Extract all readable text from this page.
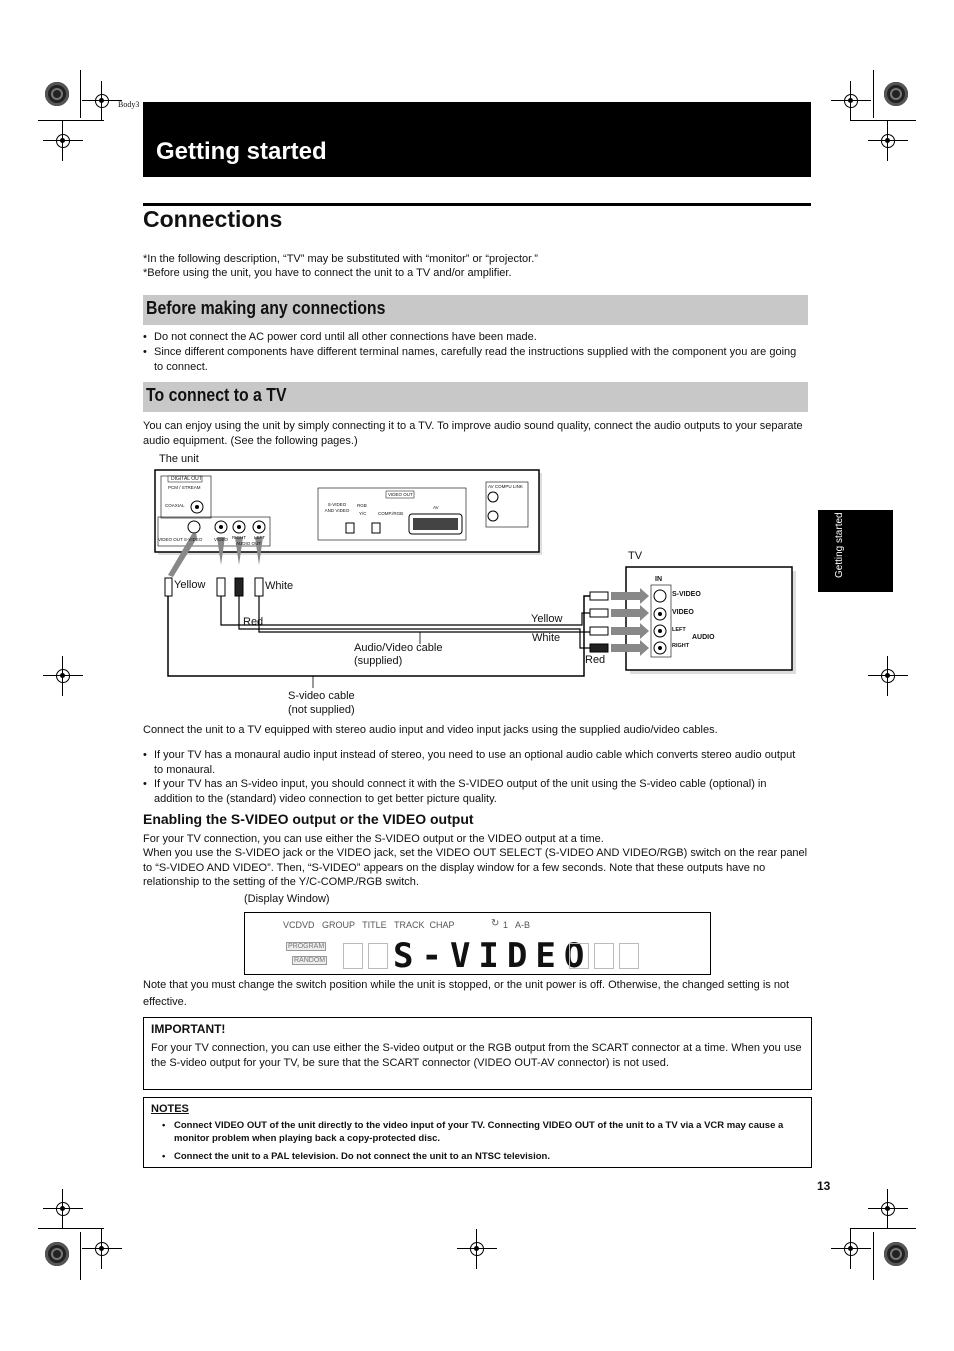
Body3
Getting started
Connections
*In the following description, “TV” may be substituted with “monitor” or “projector.”
*Before using the unit, you have to connect the unit to a TV and/or amplifier.
Before making any connections
• Do not connect the AC power cord until all other connections have been made.
• Since different components have different terminal names, carefully read the instructions supplied with the component you are going to connect.
To connect to a TV
You can enjoy using the unit by simply connecting it to a TV. To improve audio sound quality, connect the audio outputs to your separate audio equipment. (See the following pages.)
Getting started
The unit
TV
DIGITAL OUT
PCM / STREAM
COAXIAL
VIDEO OUT S-VIDEO	VIDEO RIGHT LEFT
AUDIO OUT
S-VIDEO AND VIDEO
RGB
Y/C	COMP./RGB
VIDEO OUT
AV
AV COMPU LINK
IN
S-VIDEO
VIDEO
LEFT
AUDIO
RIGHT
Yellow	White
Red	Yellow
White
Red
Audio/Video cable
(supplied)
S-video cable
(not supplied)
Connect the unit to a TV equipped with stereo audio input and video input jacks using the supplied audio/video cables.
• If your TV has a monaural audio input instead of stereo, you need to use an optional audio cable which converts stereo audio output to monaural.
• If your TV has an S-video input, you should connect it with the S-VIDEO output of the unit using the S-video cable (optional) in addition to the (standard) video connection to get better picture quality.
Enabling the S-VIDEO output or the VIDEO output
For your TV connection, you can use either the S-VIDEO output or the VIDEO output at a time.
When you use the S-VIDEO jack or the VIDEO jack, set the VIDEO OUT SELECT (S-VIDEO AND VIDEO/RGB) switch on the rear panel to “S-VIDEO AND VIDEO”. Then, “S-VIDEO” appears on the display window for a few seconds. Note that these outputs have no relationship to the setting of the Y/C-COMP./RGB switch.
(Display Window)
VCDVD   GROUP   TITLE   TRACK  CHAP	1   A-B
↻
PROGRAM
RANDOM S-VIDEO
Note that you must change the switch position while the unit is stopped, or the unit power is off. Otherwise, the changed setting is not effective.
IMPORTANT!
For your TV connection, you can use either the S-video output or the RGB output from the SCART connector at a time. When you use the S-video output for your TV, be sure that the SCART connector (VIDEO OUT-AV connector) is not used.
NOTES
• Connect VIDEO OUT of the unit directly to the video input of your TV. Connecting VIDEO OUT of the unit to a TV via a VCR may cause a monitor problem when playing back a copy-protected disc.
• Connect the unit to a PAL television. Do not connect the unit to an NTSC television.
13
